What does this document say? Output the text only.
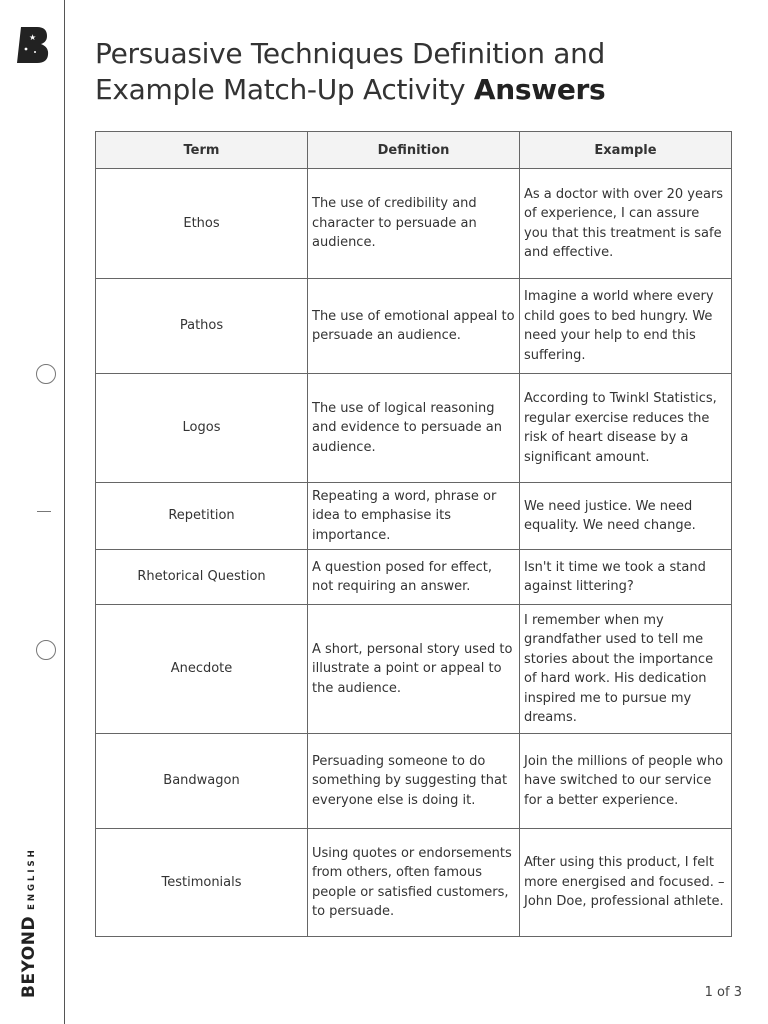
★
BEYOND
ENGLISH
Persuasive Techniques Definition and
Example Match-Up Activity Answers
Term	Definition	Example
Ethos	The use of credibility and character to persuade an audience.	As a doctor with over 20 years of experience, I can assure you that this treatment is safe and effective.
Pathos	The use of emotional appeal to persuade an audience.	Imagine a world where every child goes to bed hungry. We need your help to end this suffering.
Logos	The use of logical reasoning and evidence to persuade an audience.	According to Twinkl Statistics, regular exercise reduces the risk of heart disease by a significant amount.
Repetition	Repeating a word, phrase or idea to emphasise its importance.	We need justice. We need equality. We need change.
Rhetorical Question	A question posed for effect, not requiring an answer.	Isn't it time we took a stand against littering?
Anecdote	A short, personal story used to illustrate a point or appeal to the audience.	I remember when my grandfather used to tell me stories about the importance of hard work. His dedication inspired me to pursue my dreams.
Bandwagon	Persuading someone to do something by suggesting that everyone else is doing it.	Join the millions of people who have switched to our service for a better experience.
Testimonials	Using quotes or endorsements from others, often famous people or satisfied customers, to persuade.	After using this product, I felt more energised and focused. – John Doe, professional athlete.
1 of 3
